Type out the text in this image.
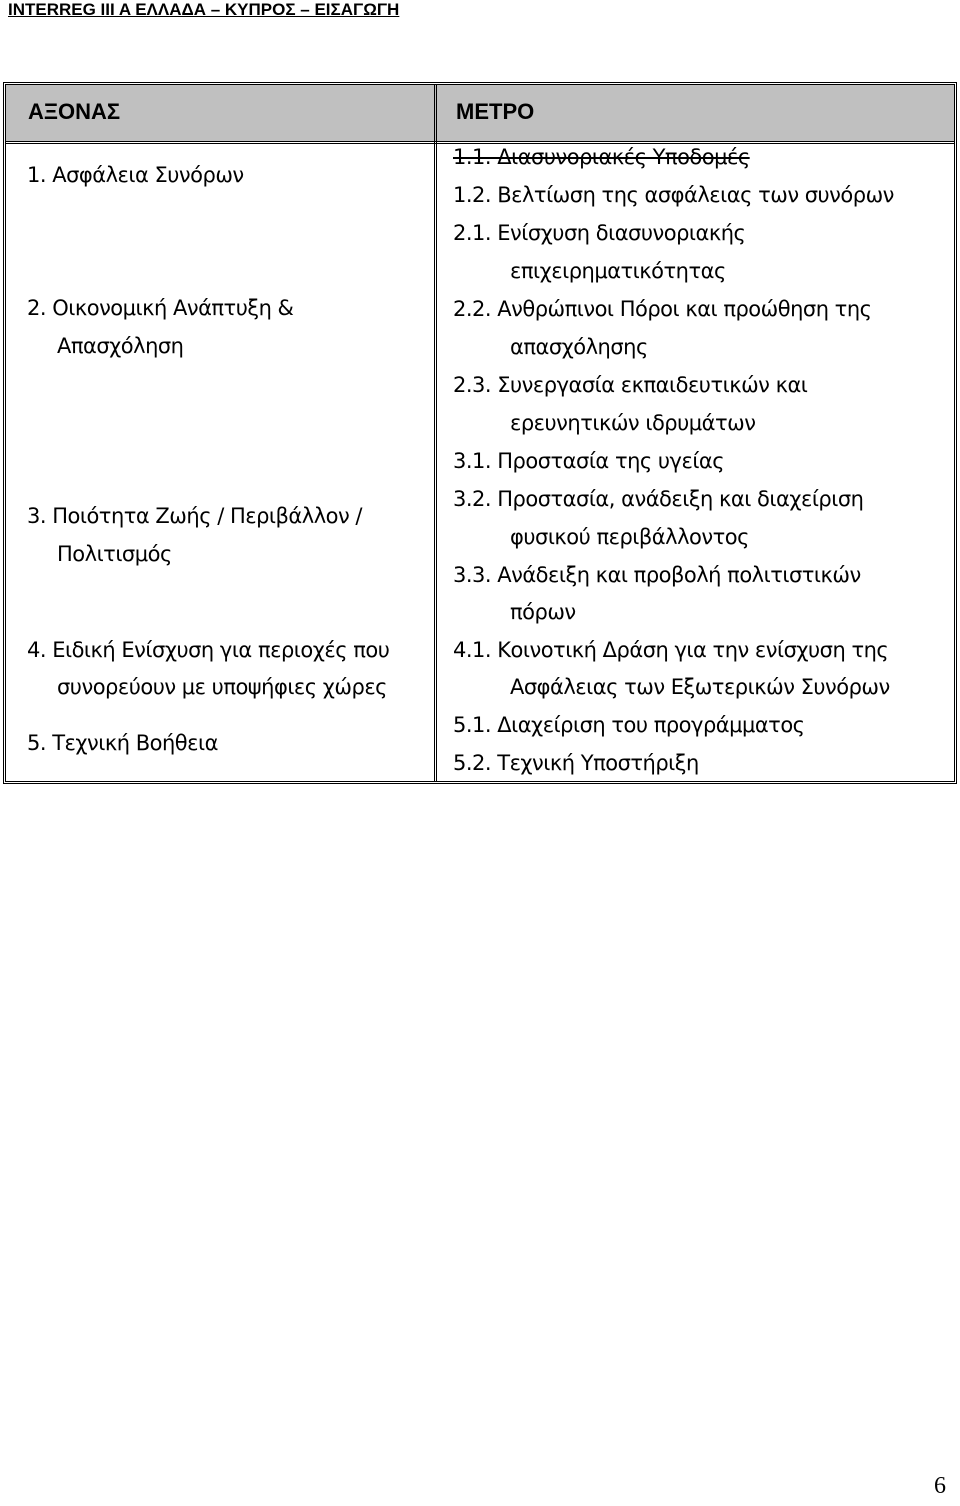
INTERREG III A ΕΛΛΑΔΑ – ΚΥΠΡΟΣ – ΕΙΣΑΓΩΓΗ
ΑΞΟΝΑΣ	ΜΕΤΡΟ
1. Ασφάλεια Συνόρων
2. Οικονομική Ανάπτυξη &
Απασχόληση
3. Ποιότητα Ζωής / Περιβάλλον /
Πολιτισμός
4. Ειδική Ενίσχυση για περιοχές που
συνορεύουν με υποψήφιες χώρες
5. Τεχνική Βοήθεια
1.1. Διασυνοριακές Υποδομές
1.2. Βελτίωση της ασφάλειας των συνόρων
2.1. Ενίσχυση διασυνοριακής
επιχειρηματικότητας
2.2. Ανθρώπινοι Πόροι και προώθηση της
απασχόλησης
2.3. Συνεργασία εκπαιδευτικών και
ερευνητικών ιδρυμάτων
3.1. Προστασία της υγείας
3.2. Προστασία, ανάδειξη και διαχείριση
φυσικού περιβάλλοντος
3.3. Ανάδειξη και προβολή πολιτιστικών
πόρων
4.1. Κοινοτική Δράση για την ενίσχυση της
Ασφάλειας των Εξωτερικών Συνόρων
5.1. Διαχείριση του προγράμματος
5.2. Τεχνική Υποστήριξη
6
